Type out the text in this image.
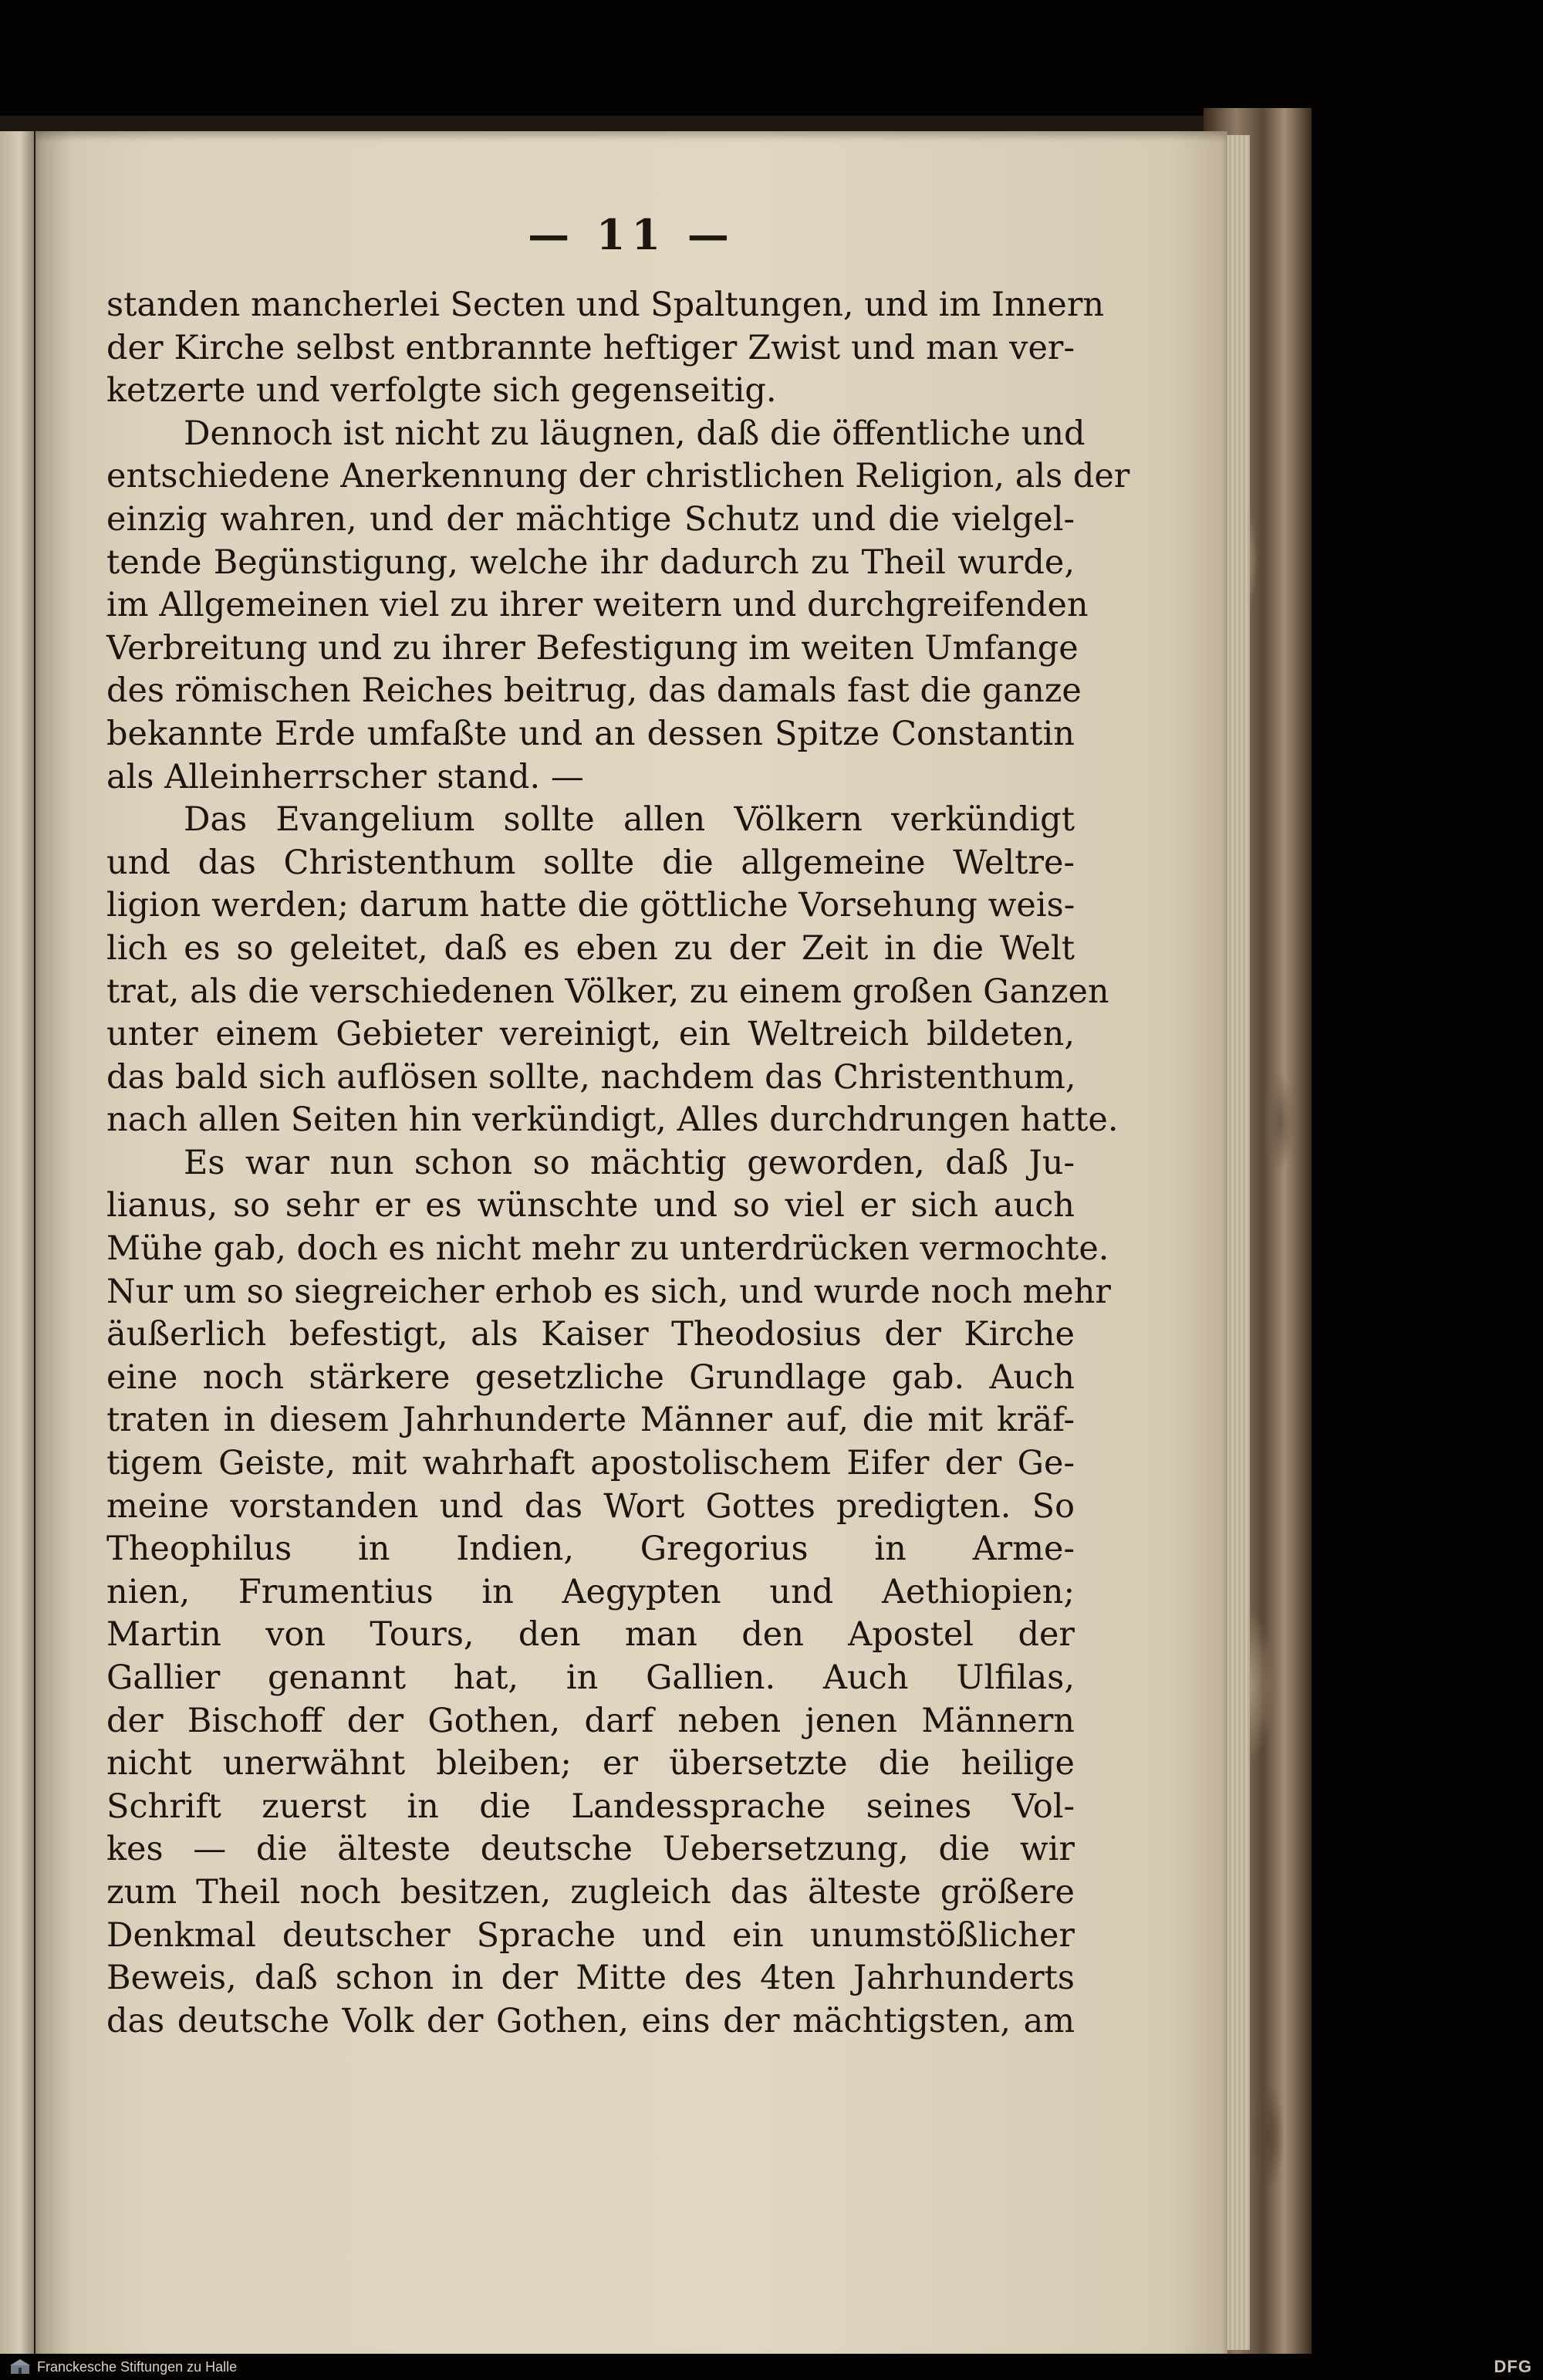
— 11 —
standen mancherlei Secten und Spaltungen, und im Innern
der Kirche selbst entbrannte heftiger Zwist und man ver-
ketzerte und verfolgte sich gegenseitig.
Dennoch ist nicht zu läugnen, daß die öffentliche und
entschiedene Anerkennung der christlichen Religion, als der
einzig wahren, und der mächtige Schutz und die vielgel-
tende Begünstigung, welche ihr dadurch zu Theil wurde,
im Allgemeinen viel zu ihrer weitern und durchgreifenden
Verbreitung und zu ihrer Befestigung im weiten Umfange
des römischen Reiches beitrug, das damals fast die ganze
bekannte Erde umfaßte und an dessen Spitze Constantin
als Alleinherrscher stand. —
Das Evangelium sollte allen Völkern verkündigt
und das Christenthum sollte die allgemeine Weltre-
ligion werden; darum hatte die göttliche Vorsehung weis-
lich es so geleitet, daß es eben zu der Zeit in die Welt
trat, als die verschiedenen Völker, zu einem großen Ganzen
unter einem Gebieter vereinigt, ein Weltreich bildeten,
das bald sich auflösen sollte, nachdem das Christenthum,
nach allen Seiten hin verkündigt, Alles durchdrungen hatte.
Es war nun schon so mächtig geworden, daß Ju-
lianus, so sehr er es wünschte und so viel er sich auch
Mühe gab, doch es nicht mehr zu unterdrücken vermochte.
Nur um so siegreicher erhob es sich, und wurde noch mehr
äußerlich befestigt, als Kaiser Theodosius der Kirche
eine noch stärkere gesetzliche Grundlage gab. Auch
traten in diesem Jahrhunderte Männer auf, die mit kräf-
tigem Geiste, mit wahrhaft apostolischem Eifer der Ge-
meine vorstanden und das Wort Gottes predigten. So
Theophilus in Indien, Gregorius in Arme-
nien, Frumentius in Aegypten und Aethiopien;
Martin von Tours, den man den Apostel der
Gallier genannt hat, in Gallien. Auch Ulfilas,
der Bischoff der Gothen, darf neben jenen Männern
nicht unerwähnt bleiben; er übersetzte die heilige
Schrift zuerst in die Landessprache seines Vol-
kes — die älteste deutsche Uebersetzung, die wir
zum Theil noch besitzen, zugleich das älteste größere
Denkmal deutscher Sprache und ein unumstößlicher
Beweis, daß schon in der Mitte des 4ten Jahrhunderts
das deutsche Volk der Gothen, eins der mächtigsten, am
Franckesche Stiftungen zu Halle	DFG
